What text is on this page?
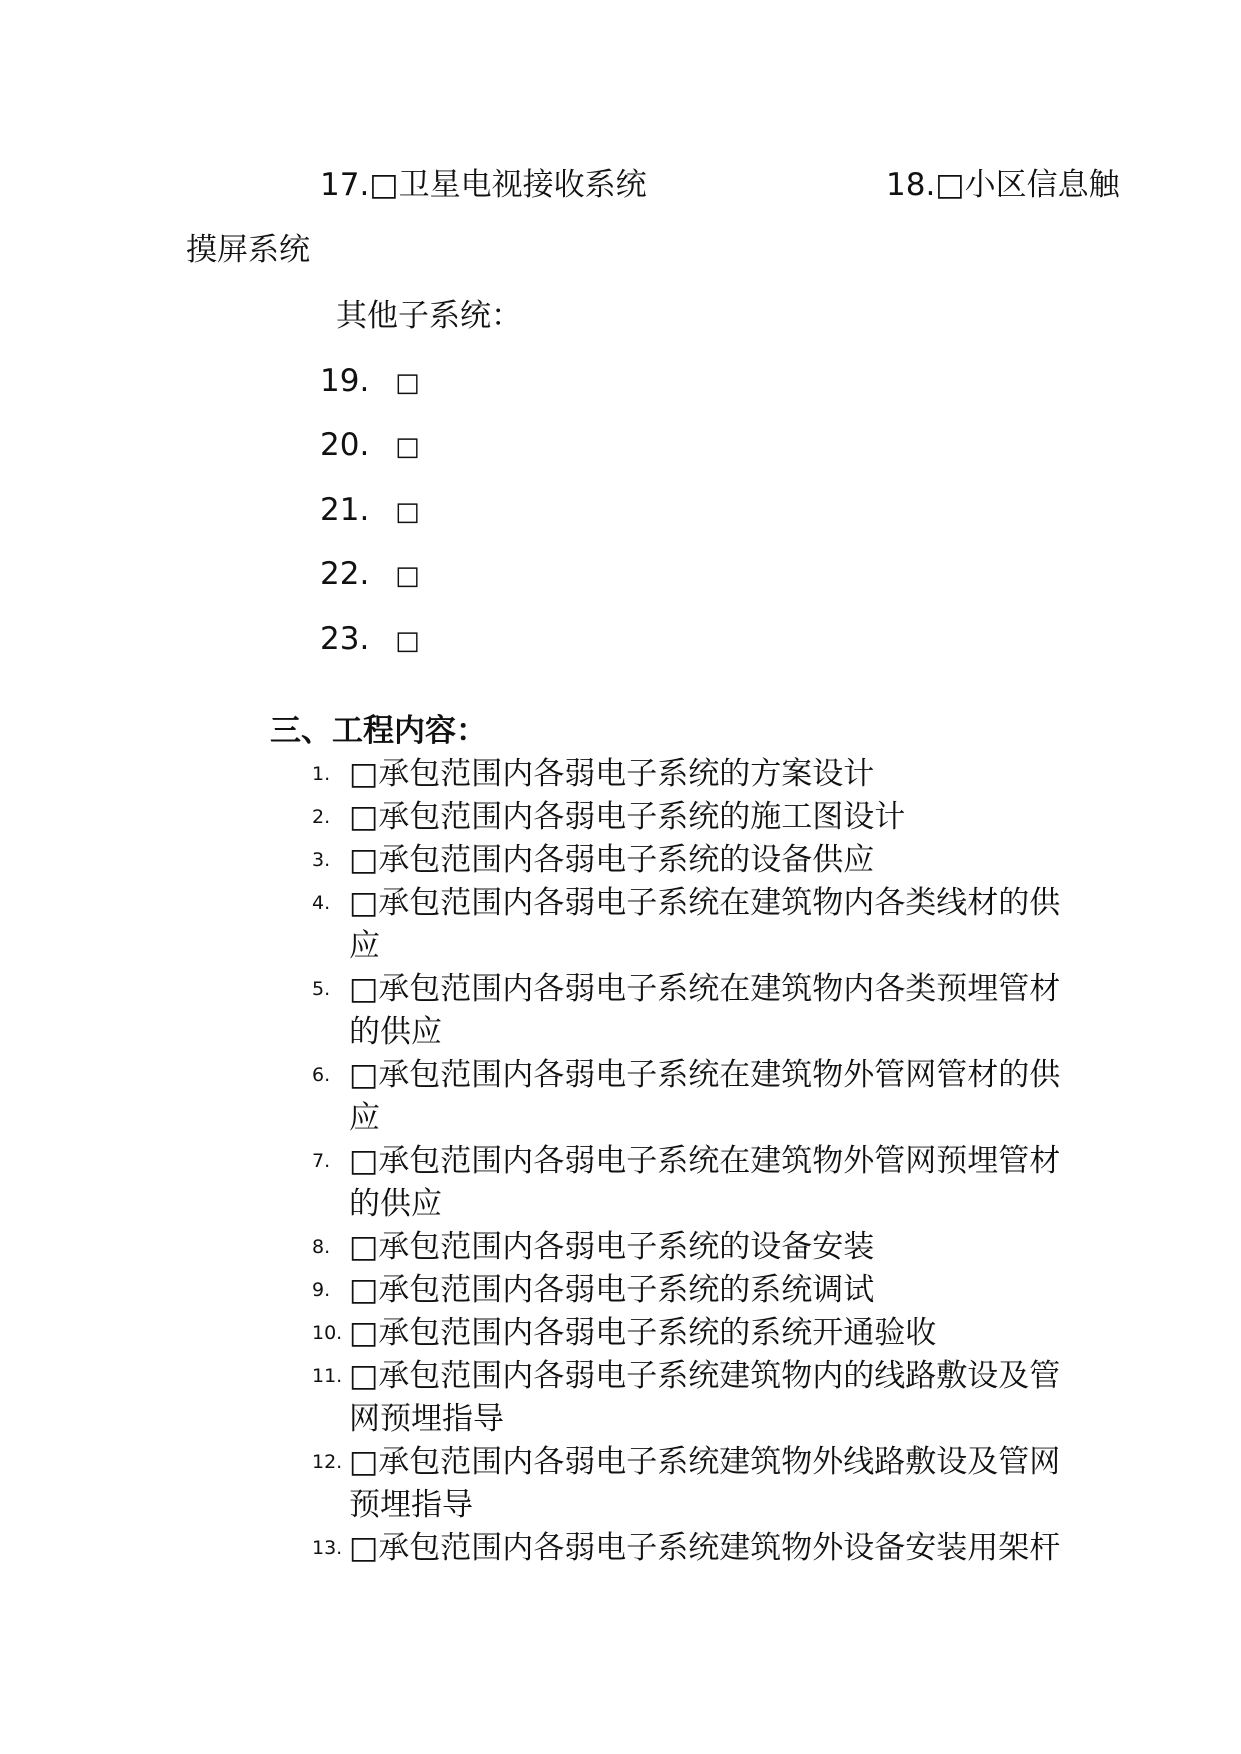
17.□卫星电视接收系统	18.□小区信息触
摸屏系统
其他子系统：
19. □
20. □
21. □
22. □
23. □
三、工程内容：
1. □承包范围内各弱电子系统的方案设计
2. □承包范围内各弱电子系统的施工图设计
3. □承包范围内各弱电子系统的设备供应
4. □承包范围内各弱电子系统在建筑物内各类线材的供
应
5. □承包范围内各弱电子系统在建筑物内各类预埋管材
的供应
6. □承包范围内各弱电子系统在建筑物外管网管材的供
应
7. □承包范围内各弱电子系统在建筑物外管网预埋管材
的供应
8. □承包范围内各弱电子系统的设备安装
9. □承包范围内各弱电子系统的系统调试
10. □承包范围内各弱电子系统的系统开通验收
11. □承包范围内各弱电子系统建筑物内的线路敷设及管
网预埋指导
12. □承包范围内各弱电子系统建筑物外线路敷设及管网
预埋指导
13. □承包范围内各弱电子系统建筑物外设备安装用架杆
